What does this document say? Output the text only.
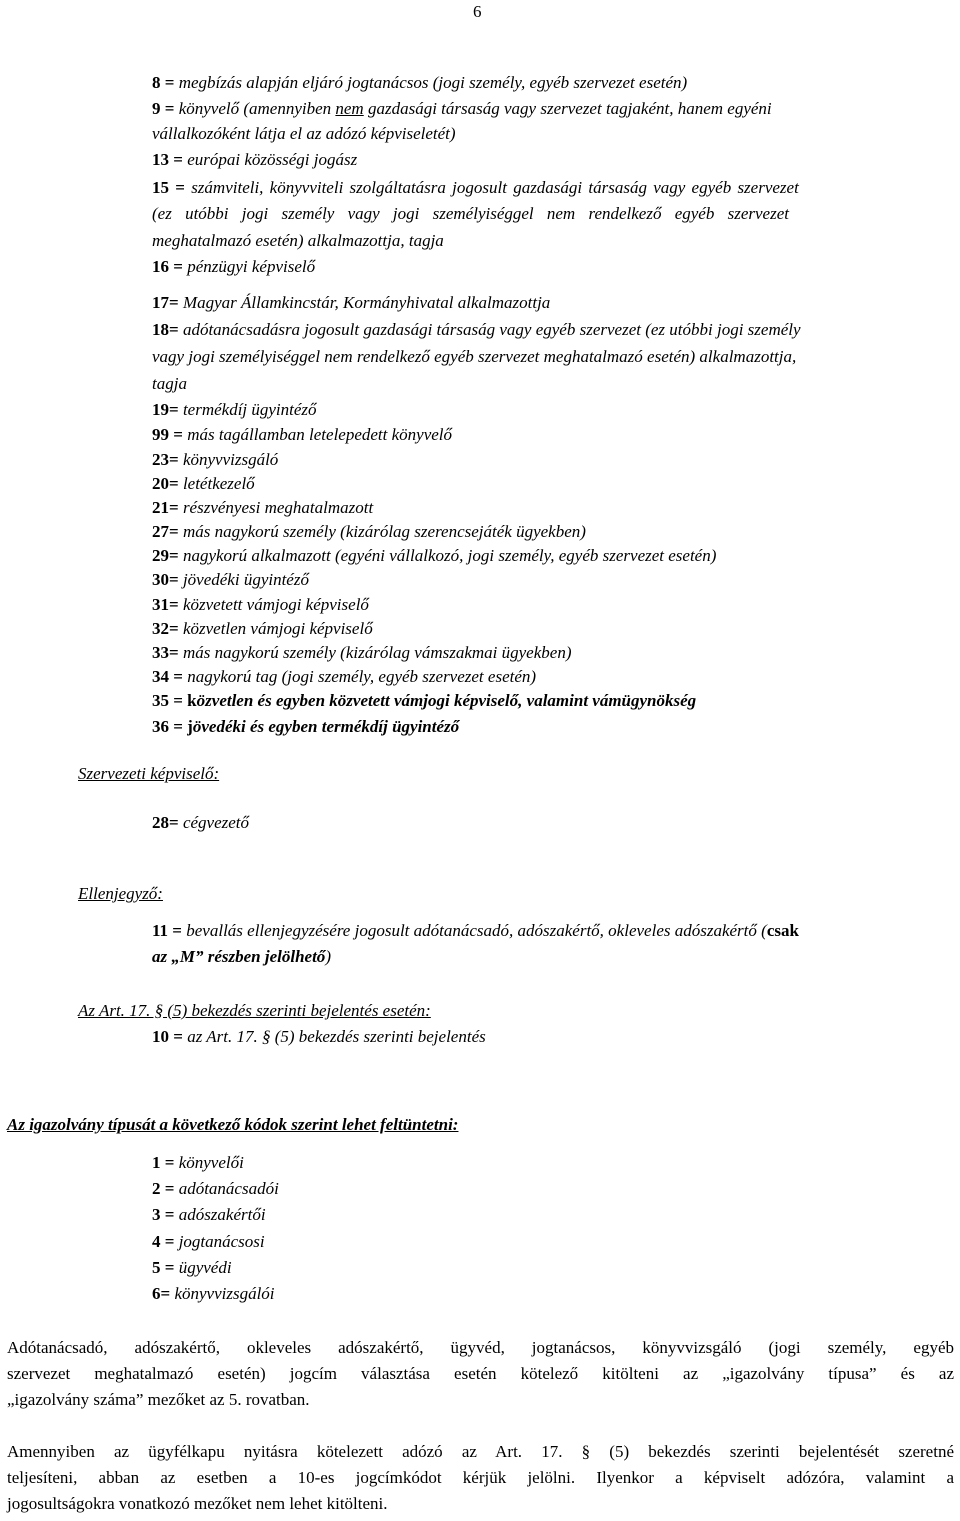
6
8 = megbízás alapján eljáró jogtanácsos (jogi személy, egyéb szervezet esetén)
9 = könyvelő (amennyiben nem gazdasági társaság vagy szervezet tagjaként, hanem egyéni
vállalkozóként látja el az adózó képviseletét)
13 = európai közösségi jogász
15 = számviteli, könyvviteli szolgáltatásra jogosult gazdasági társaság vagy egyéb szervezet
(ez utóbbi jogi személy vagy jogi személyiséggel nem rendelkező egyéb szervezet
meghatalmazó esetén) alkalmazottja, tagja
16 = pénzügyi képviselő
17= Magyar Államkincstár, Kormányhivatal alkalmazottja
18= adótanácsadásra jogosult gazdasági társaság vagy egyéb szervezet (ez utóbbi jogi személy
vagy jogi személyiséggel nem rendelkező egyéb szervezet meghatalmazó esetén) alkalmazottja,
tagja
19= termékdíj ügyintéző
99 = más tagállamban letelepedett könyvelő
23= könyvvizsgáló
20= letétkezelő
21= részvényesi meghatalmazott
27= más nagykorú személy (kizárólag szerencsejáték ügyekben)
29= nagykorú alkalmazott (egyéni vállalkozó, jogi személy, egyéb szervezet esetén)
30= jövedéki ügyintéző
31= közvetett vámjogi képviselő
32= közvetlen vámjogi képviselő
33= más nagykorú személy (kizárólag vámszakmai ügyekben)
34 = nagykorú tag (jogi személy, egyéb szervezet esetén)
35 = közvetlen és egyben közvetett vámjogi képviselő, valamint vámügynökség
36 = jövedéki és egyben termékdíj ügyintéző
Szervezeti képviselő:
28= cégvezető
Ellenjegyző:
11 = bevallás ellenjegyzésére jogosult adótanácsadó, adószakértő, okleveles adószakértő (csak
az „M” részben jelölhető)
Az Art. 17. § (5) bekezdés szerinti bejelentés esetén:
10 = az Art. 17. § (5) bekezdés szerinti bejelentés
Az igazolvány típusát a következő kódok szerint lehet feltüntetni:
1 = könyvelői
2 = adótanácsadói
3 = adószakértői
4 = jogtanácsosi
5 = ügyvédi
6= könyvvizsgálói
Adótanácsadó, adószakértő, okleveles adószakértő, ügyvéd, jogtanácsos, könyvvizsgáló (jogi személy, egyéb
szervezet meghatalmazó esetén) jogcím választása esetén kötelező kitölteni az „igazolvány típusa” és az
„igazolvány száma” mezőket az 5. rovatban.
Amennyiben az ügyfélkapu nyitásra kötelezett adózó az Art. 17. § (5) bekezdés szerinti bejelentését szeretné
teljesíteni, abban az esetben a 10-es jogcímkódot kérjük jelölni. Ilyenkor a képviselt adózóra, valamint a
jogosultságokra vonatkozó mezőket nem lehet kitölteni.
